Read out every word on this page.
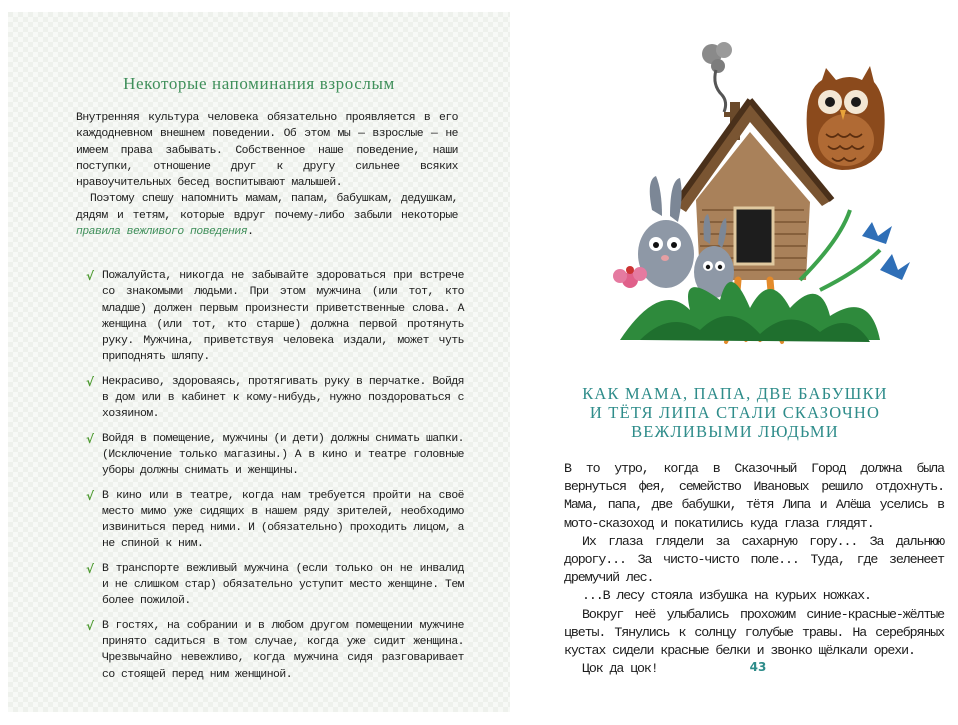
Некоторые напоминания взрослым

Внутренняя культура человека обязательно проявляется в его каждодневном внешнем поведении. Об этом мы — взрослые — не имеем права забывать. Собственное наше поведение, наши поступки, отношение друг к другу сильнее всяких нравоучительных бесед воспитывают малышей.

Поэтому спешу напомнить мамам, папам, бабушкам, дедушкам, дядям и тетям, которые вдруг почему-либо забыли некоторые правила вежливого поведения.

√ Пожалуйста, никогда не забывайте здороваться при встрече со знакомыми людьми. При этом мужчина (или тот, кто младше) должен первым произнести приветственные слова. А женщина (или тот, кто старше) должна первой протянуть руку. Мужчина, приветствуя человека издали, может чуть приподнять шляпу.
√ Некрасиво, здороваясь, протягивать руку в перчатке. Войдя в дом или в кабинет к кому-нибудь, нужно поздороваться с хозяином.
√ Войдя в помещение, мужчины (и дети) должны снимать шапки. (Исключение только магазины.) А в кино и театре головные уборы должны снимать и женщины.
√ В кино или в театре, когда нам требуется пройти на своё место мимо уже сидящих в нашем ряду зрителей, необходимо извиниться перед ними. И (обязательно) проходить лицом, а не спиной к ним.
√ В транспорте вежливый мужчина (если только он не инвалид и не слишком стар) обязательно уступит место женщине. Тем более пожилой.
√ В гостях, на собрании и в любом другом помещении мужчине принято садиться в том случае, когда уже сидит женщина. Чрезвычайно невежливо, когда мужчина сидя разговаривает со стоящей перед ним женщиной.
КАК МАМА, ПАПА, ДВЕ БАБУШКИ
И ТЁТЯ ЛИПА СТАЛИ СКАЗОЧНО
ВЕЖЛИВЫМИ ЛЮДЬМИ

В то утро, когда в Сказочный Город должна была вернуться фея, семейство Ивановых решило отдохнуть. Мама, папа, две бабушки, тётя Липа и Алёша уселись в мото-сказоход и покатились куда глаза глядят.

Их глаза глядели за сахарную гору... За дальнюю дорогу... За чисто-чисто поле... Туда, где зеленеет дремучий лес.

...В лесу стояла избушка на курьих ножках.

Вокруг неё улыбались прохожим синие-красные-жёлтые цветы. Тянулись к солнцу голубые травы. На серебряных кустах сидели красные белки и звонко щёлкали орехи.

Цок да цок!	43
